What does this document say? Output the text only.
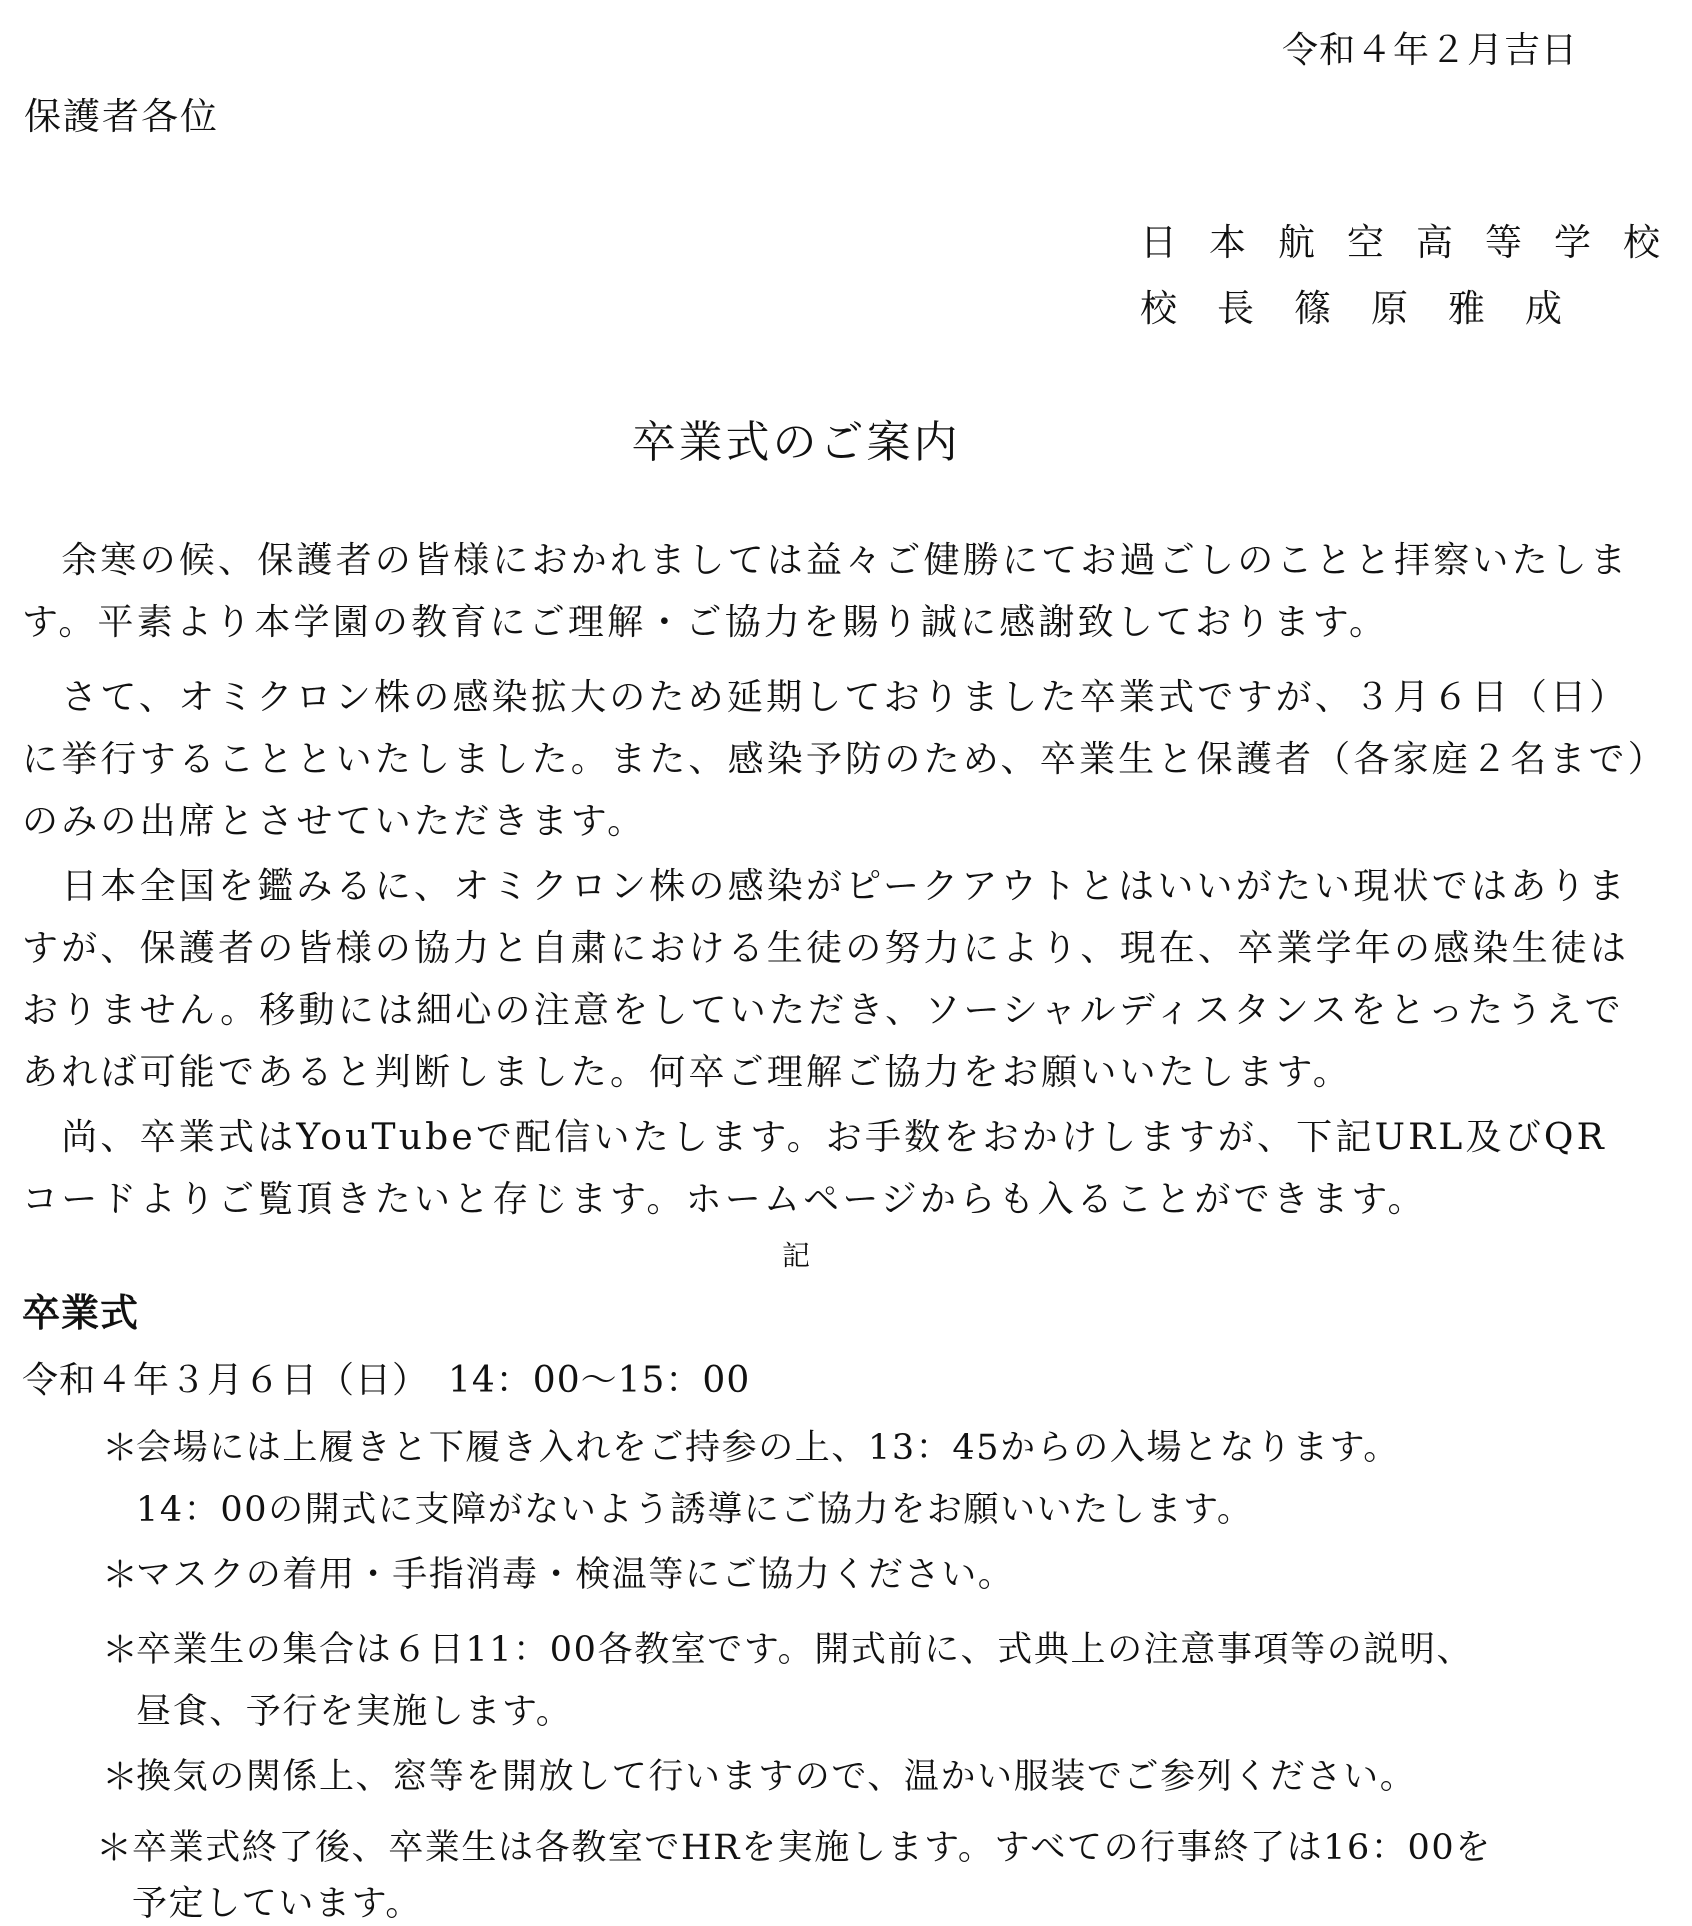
令和４年２月吉日
保護者各位
日本航空高等学校
校長篠原雅成
卒業式のご案内
　余寒の候、保護者の皆様におかれましては益々ご健勝にてお過ごしのことと拝察いたしま
す。平素より本学園の教育にご理解・ご協力を賜り誠に感謝致しております。
　さて、オミクロン株の感染拡大のため延期しておりました卒業式ですが、３月６日（日）
に挙行することといたしました。また、感染予防のため、卒業生と保護者（各家庭２名まで）
のみの出席とさせていただきます。
　日本全国を鑑みるに、オミクロン株の感染がピークアウトとはいいがたい現状ではありま
すが、保護者の皆様の協力と自粛における生徒の努力により、現在、卒業学年の感染生徒は
おりません。移動には細心の注意をしていただき、ソーシャルディスタンスをとったうえで
あれば可能であると判断しました。何卒ご理解ご協力をお願いいたします。
　尚、卒業式はYouTubeで配信いたします。お手数をおかけしますが、下記URL及びQR
コードよりご覧頂きたいと存じます。ホームページからも入ることができます。
記
卒業式
令和４年３月６日（日）　14：00〜15：00
＊
会場には上履きと下履き入れをご持参の上、13：45からの入場となります。
14：00の開式に支障がないよう誘導にご協力をお願いいたします。
＊
マスクの着用・手指消毒・検温等にご協力ください。
＊
卒業生の集合は６日11：00各教室です。開式前に、式典上の注意事項等の説明、
昼食、予行を実施します。
＊
換気の関係上、窓等を開放して行いますので、温かい服装でご参列ください。
＊ 卒業式終了後、卒業生は各教室でHRを実施します。すべての行事終了は16：00を
予定しています。
